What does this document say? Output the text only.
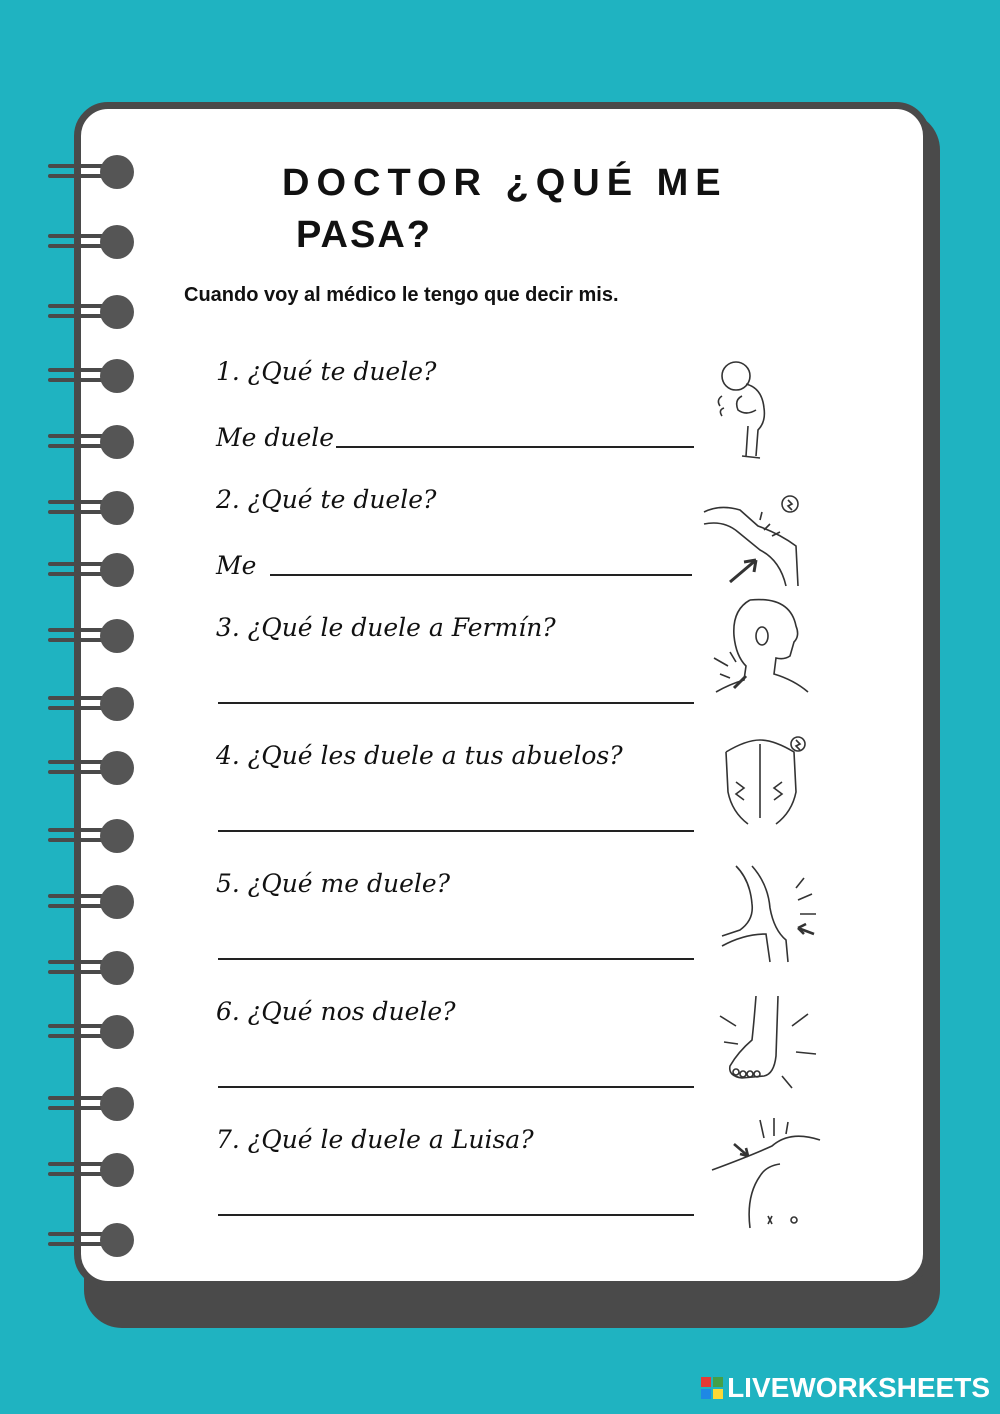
DOCTOR ¿QUÉ ME
PASA?
Cuando voy al médico le tengo que decir mis.
1. ¿Qué te duele?
Me duele
2. ¿Qué te duele?
Me
3. ¿Qué le duele a Fermín?
4. ¿Qué les duele a tus abuelos?
5. ¿Qué me duele?
6. ¿Qué nos duele?
7. ¿Qué le duele a Luisa?
LIVEWORKSHEETS
